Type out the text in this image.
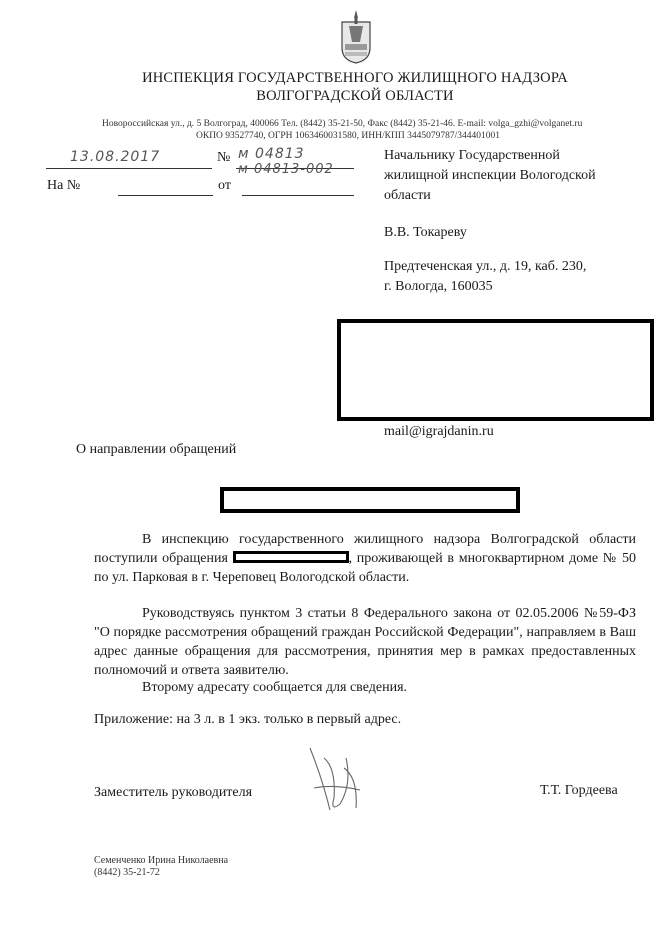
ИНСПЕКЦИЯ ГОСУДАРСТВЕННОГО ЖИЛИЩНОГО НАДЗОРА
ВОЛГОГРАДСКОЙ ОБЛАСТИ
Новороссийская ул., д. 5 Волгоград, 400066 Тел. (8442) 35-21-50, Факс (8442) 35-21-46. E-mail: volga_gzhi@volganet.ru
ОКПО 93527740, ОГРН 1063460031580, ИНН/КПП 3445079787/344401001
13.08.2017	№ м 04813
На №	от
м 04813-002
Начальнику Государственной
жилищной инспекции Вологодской
области
В.В. Токареву
Предтеченская ул., д. 19, каб. 230,
г. Вологда, 160035
mail@igrajdanin.ru
О направлении обращений
В инспекцию государственного жилищного надзора Волгоградской области поступили обращения	, проживающей в многоквартирном доме № 50 по ул. Парковая в г. Череповец Вологодской области.
Руководствуясь пунктом 3 статьи 8 Федерального закона от 02.05.2006 №59-ФЗ "О порядке рассмотрения обращений граждан Российской Федерации", направляем в Ваш адрес данные обращения для рассмотрения, принятия мер в рамках предоставленных полномочий и ответа заявителю.
Второму адресату сообщается для сведения.
Приложение: на 3 л. в 1 экз. только в первый адрес.
Заместитель руководителя	Т.Т. Гордеева
Семенченко Ирина Николаевна
(8442) 35-21-72
